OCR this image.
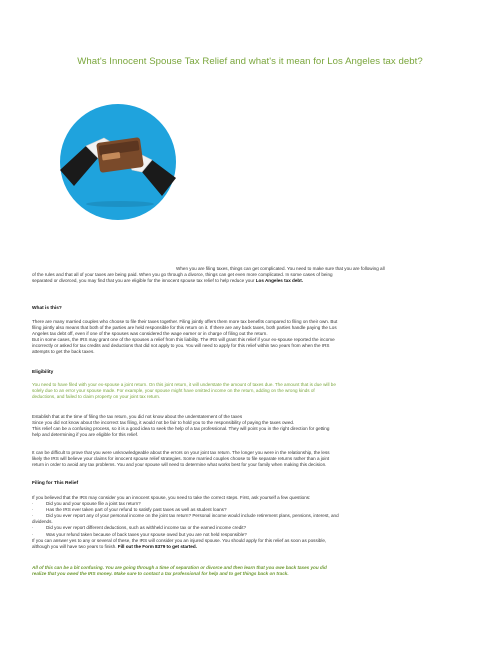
What's Innocent Spouse Tax Relief and what's it mean for Los Angeles tax debt?

When you are filing taxes, things can get complicated. You need to make sure that you are following all
of the rules and that all of your taxes are being paid. When you go through a divorce, things can get even more complicated. In some cases of being
separated or divorced, you may find that you are eligible for the innocent spouse tax relief to help reduce your Los Angeles tax debt.

What is this?

There are many married couples who choose to file their taxes together. Filing jointly offers them more tax benefits compared to filing on their own. But
filing jointly also means that both of the parties are held responsible for this return on it. If there are any back taxes, both parties handle paying the Los
Angeles tax debt off, even if one of the spouses was considered the wage earner or in charge of filing out the return.
But in some cases, the IRS may grant one of the spouses a relief from this liability. The IRS will grant this relief if your ex-spouse reported the income
incorrectly or asked for tax credits and deductions that did not apply to you. You will need to apply for this relief within two years from when the IRS
attempts to get the back taxes.

Eligibility

You need to have filed with your ex-spouse a joint return. On this joint return, it will understate the amount of taxes due. The amount that is due will be
solely due to an error your spouse made. For example, your spouse might have omitted income on the return, adding on the wrong kinds of
deductions, and failed to claim property on your joint tax return.

Establish that at the time of filing the tax return, you did not know about the understatement of the taxes
Since you did not know about the incorrect tax filing, it would not be fair to hold you to the responsibility of paying the taxes owed.
This relief can be a confusing process, so it is a good idea to seek the help of a tax professional. They will point you in the right direction for getting
help and determining if you are eligible for this relief.

It can be difficult to prove that you were unknowledgeable about the errors on your joint tax return. The longer you were in the relationship, the less
likely the IRS will believe your claims for innocent spouse relief strategies. Some married couples choose to file separate returns rather than a joint
return in order to avoid any tax problems. You and your spouse will need to determine what works best for your family when making this decision.

Filing for This Relief

If you believed that the IRS may consider you an innocent spouse, you need to take the correct steps. First, ask yourself a few questions:
·	Did you and your spouse file a joint tax return?
·	Has the IRS ever taken part of your refund to satisfy past taxes as well as student loans?
·	Did you ever report any of your personal income on the joint tax return? Personal income would include retirement plans, pensions, interest, and
dividends.
·	Did you ever report different deductions, such as withheld income tax or the earned income credit?
·	Was your refund taken because of back taxes your spouse owed but you are not held responsible?
If you can answer yes to any or several of these, the IRS will consider you an injured spouse. You should apply for this relief as soon as possible,
although you will have two years to finish. Fill out the Form 8379 to get started.

All of this can be a bit confusing. You are going through a time of separation or divorce and then learn that you owe back taxes you did
realize that you owed the IRS money. Make sure to contact a tax professional for help and to get things back on track.
